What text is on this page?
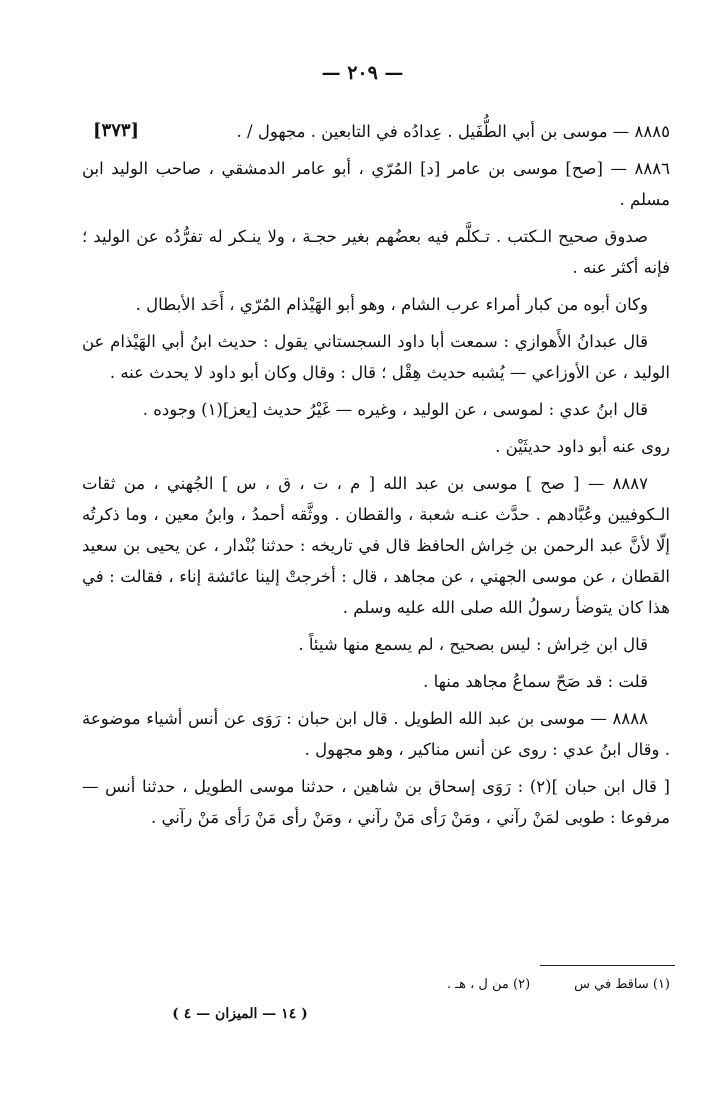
— ٢٠٩ —
[٣٧٣]	٨٨٨٥ — موسى بن أبي الطُّفَيل . عِدادُه في التابعين . مجهول / .

٨٨٨٦ — [صح] موسى بن عامر [د] المُرّي ، أبو عامر الدمشقي ، صاحب الوليد ابن مسلم .

صدوق صحيح الـكتب . تـكلَّم فيه بعضُهم بغير حجـة ، ولا ينـكر له تفرُّدُه عن الوليد ؛ فإنه أكثر عنه .

وكان أبوه من كبار أمراء عرب الشام ، وهو أبو الهَيْذام المُرّي ، أَحَد الأبطال .

قال عبدانُ الأَهوازي : سمعت أبا داود السجستاني يقول : حديث ابنُ أبي الهَيْذام عن الوليد ، عن الأوزاعي — يُشبه حديث هِقْل ؛ قال : وقال وكان أبو داود لا يحدث عنه .

قال ابنُ عدي : لموسى ، عن الوليد ، وغيره — غَيْرُ حديث [يعز](١) وجوده .

روى عنه أبو داود حديثَيْن .

٨٨٨٧ — [ صح ] موسى بن عبد الله [ م ، ت ، ق ، س ] الجُهني ، من ثقات الـكوفيين وعُبَّادهم . حدَّث عنـه شعبة ، والقطان . ووثَّقه أحمدُ ، وابنُ معين ، وما ذكرتُه إلّا لأنَّ عبد الرحمن بن خِراش الحافظ قال في تاريخه : حدثنا بُنْدار ، عن يحيى بن سعيد القطان ، عن موسى الجهني ، عن مجاهد ، قال : أخرجتْ إلينا عائشة إناء ، فقالت : في هذا كان يتوضأ رسولُ الله صلى الله عليه وسلم .

قال ابن خِراش : ليس بصحيح ، لم يسمع منها شيئاً .

قلت : قد صَحّ سماعُ مجاهد منها .

٨٨٨٨ — موسى بن عبد الله الطويل . قال ابن حبان : رَوَى عن أنس أشياء موضوعة . وقال ابنُ عدي : روى عن أنس مناكير ، وهو مجهول .

[ قال ابن حبان ](٢) : رَوَى إسحاق بن شاهين ، حدثنا موسى الطويل ، حدثنا أنس — مرفوعا : طوبى لمَنْ رآني ، ومَنْ رَأى مَنْ رآني ، ومَنْ رأى مَنْ رَأى مَنْ رآني .

(١) ساقط في س
(٢) من ل ، هـ .
( ١٤ — الميزان — ٤ )
